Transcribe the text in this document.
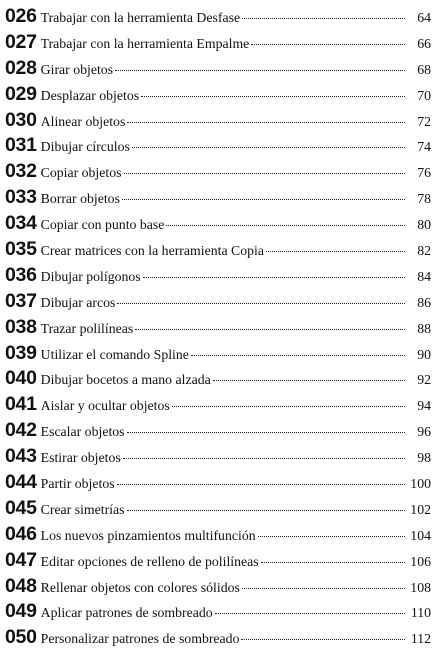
026 Trabajar con la herramienta Desfase	64
027 Trabajar con la herramienta Empalme	66
028 Girar objetos	68
029 Desplazar objetos	70
030 Alinear objetos	72
031 Dibujar círculos	74
032 Copiar objetos	76
033 Borrar objetos	78
034 Copiar con punto base	80
035 Crear matrices con la herramienta Copia	82
036 Dibujar polígonos	84
037 Dibujar arcos	86
038 Trazar polilíneas	88
039 Utilizar el comando Spline	90
040 Dibujar bocetos a mano alzada	92
041 Aislar y ocultar objetos	94
042 Escalar objetos	96
043 Estirar objetos	98
044 Partir objetos	100
045 Crear simetrías	102
046 Los nuevos pinzamientos multifunción	104
047 Editar opciones de relleno de polilíneas	106
048 Rellenar objetos con colores sólidos	108
049 Aplicar patrones de sombreado	110
050 Personalizar patrones de sombreado	112
